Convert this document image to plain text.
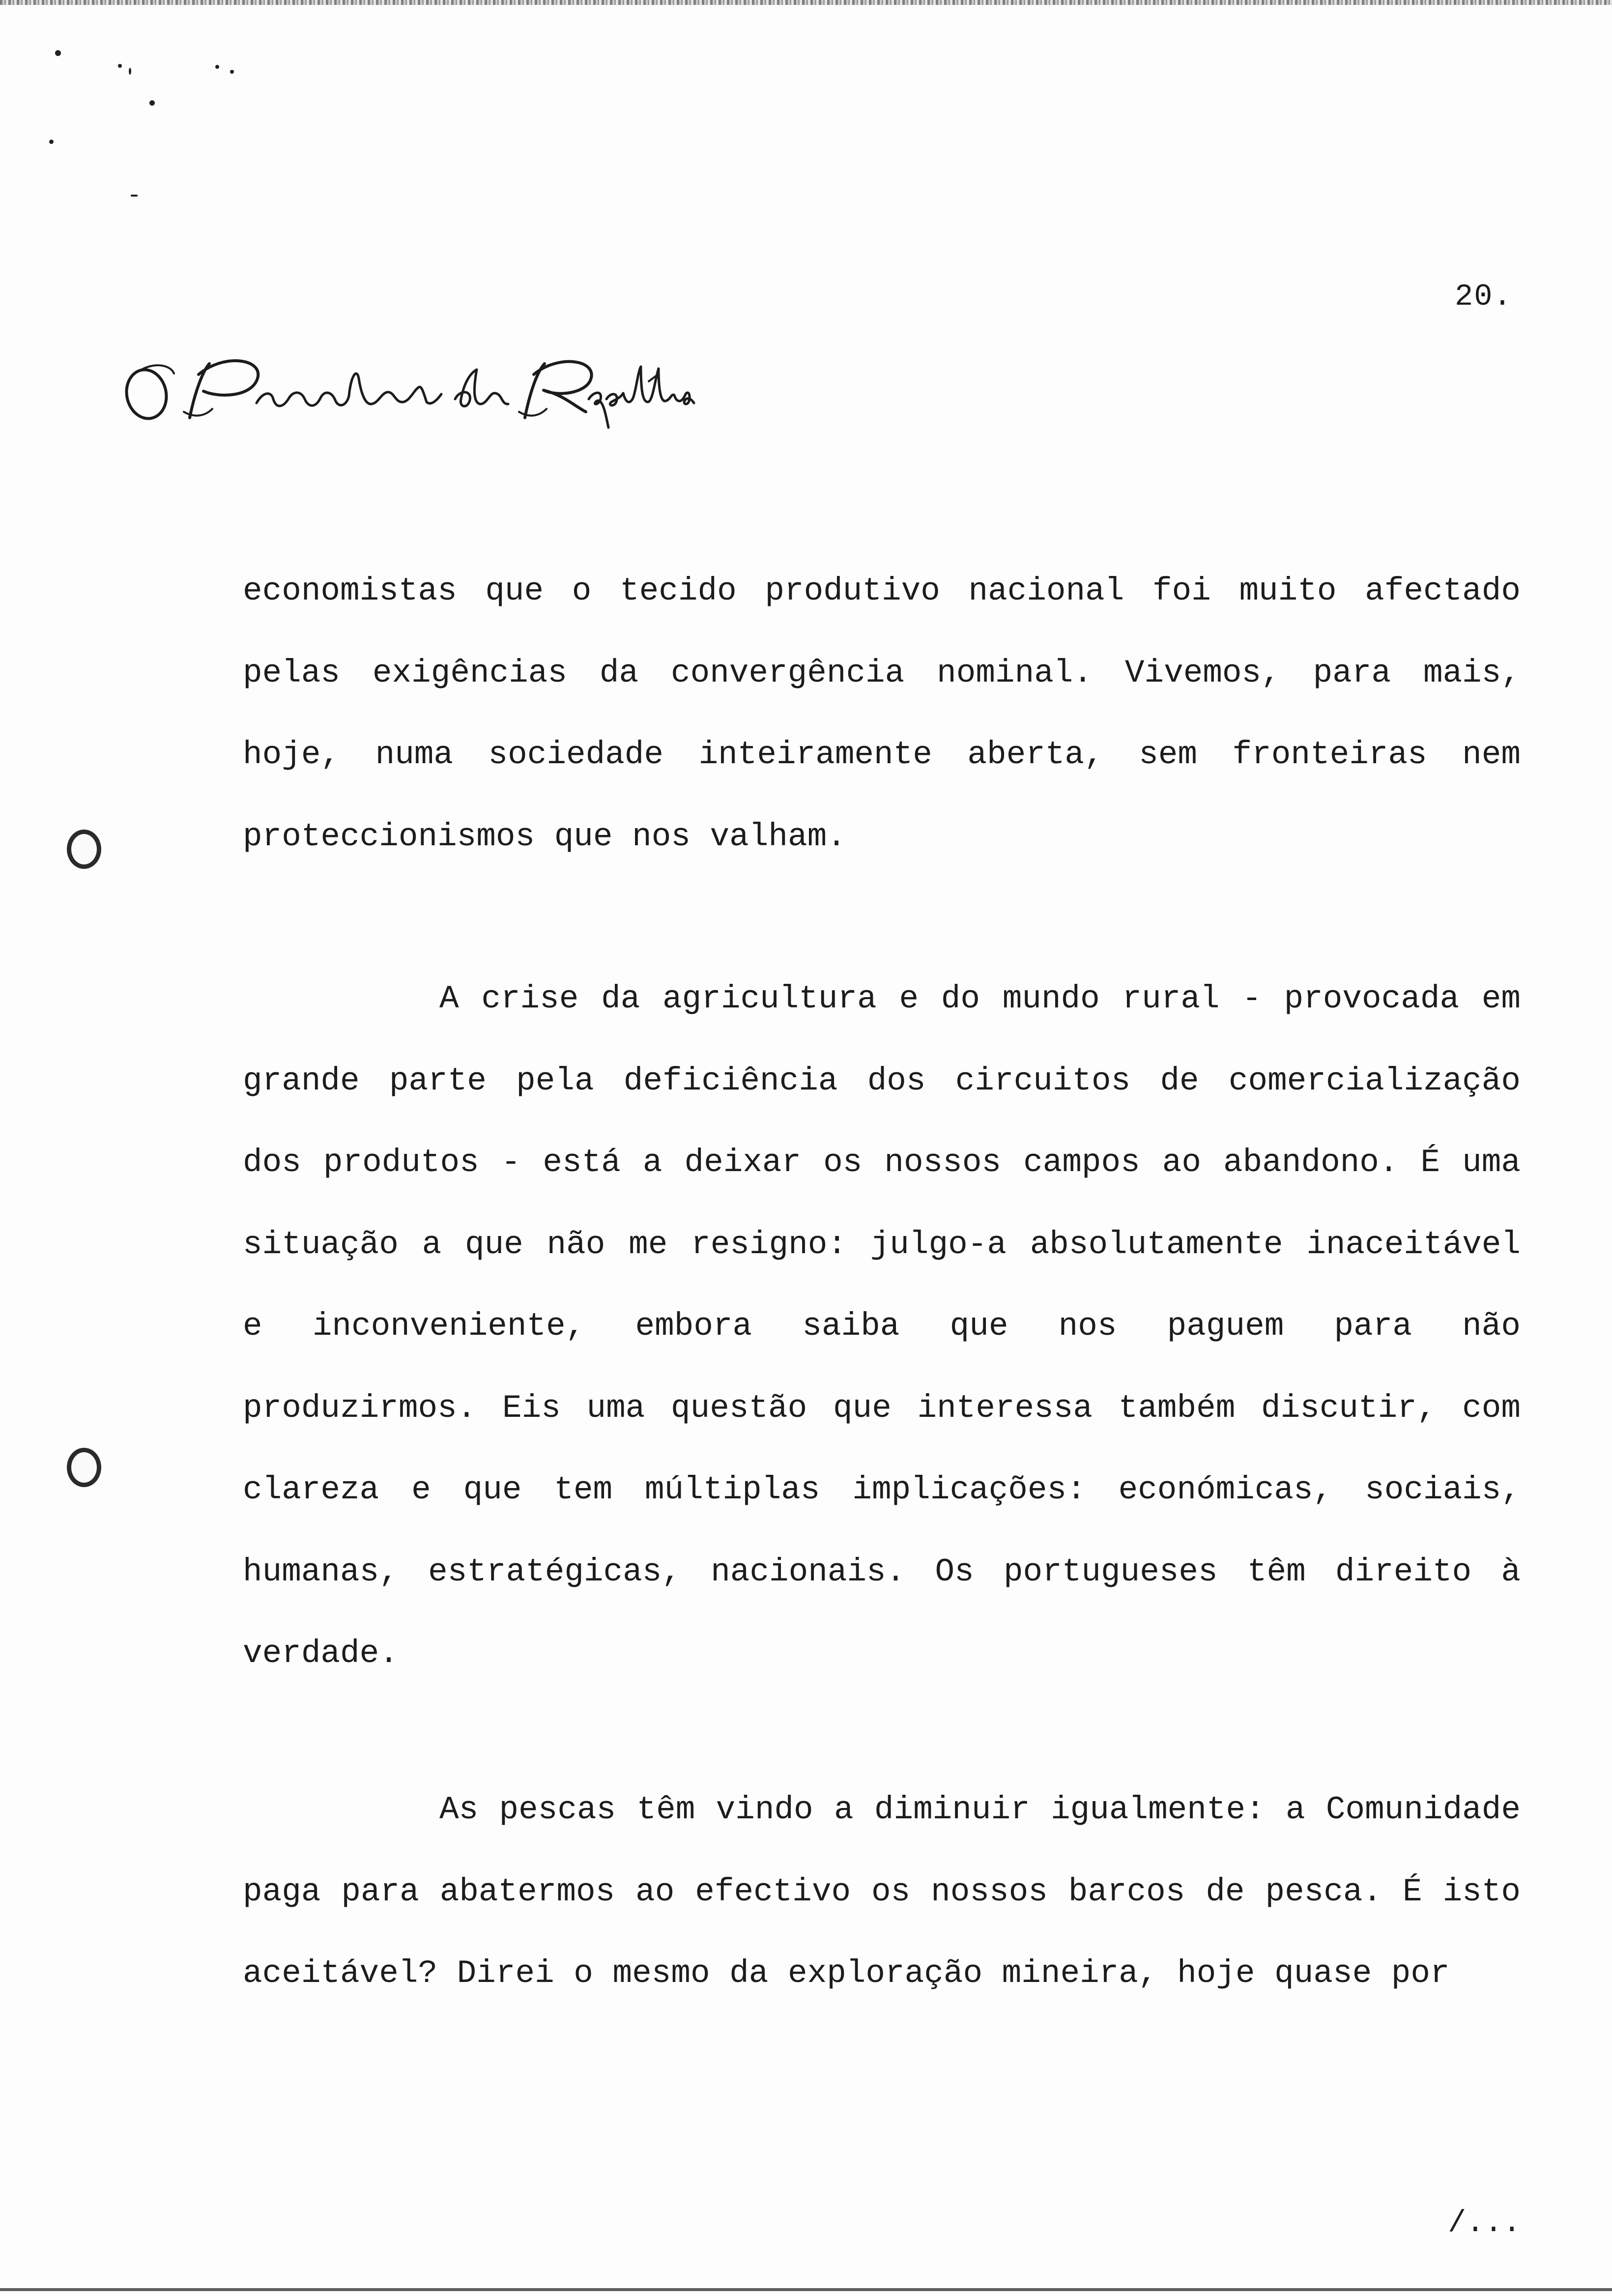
20.

economistas que o tecido produtivo nacional foi muito afectado pelas exigências da convergência nominal. Vivemos, para mais, hoje, numa sociedade inteiramente aberta, sem fronteiras nem proteccionismos que nos valham.

A crise da agricultura e do mundo rural - provocada em grande parte pela deficiência dos circuitos de comercialização dos produtos - está a deixar os nossos campos ao abandono. É uma situação a que não me resigno: julgo-a absolutamente inaceitável e inconveniente, embora saiba que nos paguem para não produzirmos. Eis uma questão que interessa também discutir, com clareza e que tem múltiplas implicações: económicas, sociais, humanas, estratégicas, nacionais. Os portugueses têm direito à verdade.

As pescas têm vindo a diminuir igualmente: a Comunidade paga para abatermos ao efectivo os nossos barcos de pesca. É isto aceitável? Direi o mesmo da exploração mineira, hoje quase por

/...
